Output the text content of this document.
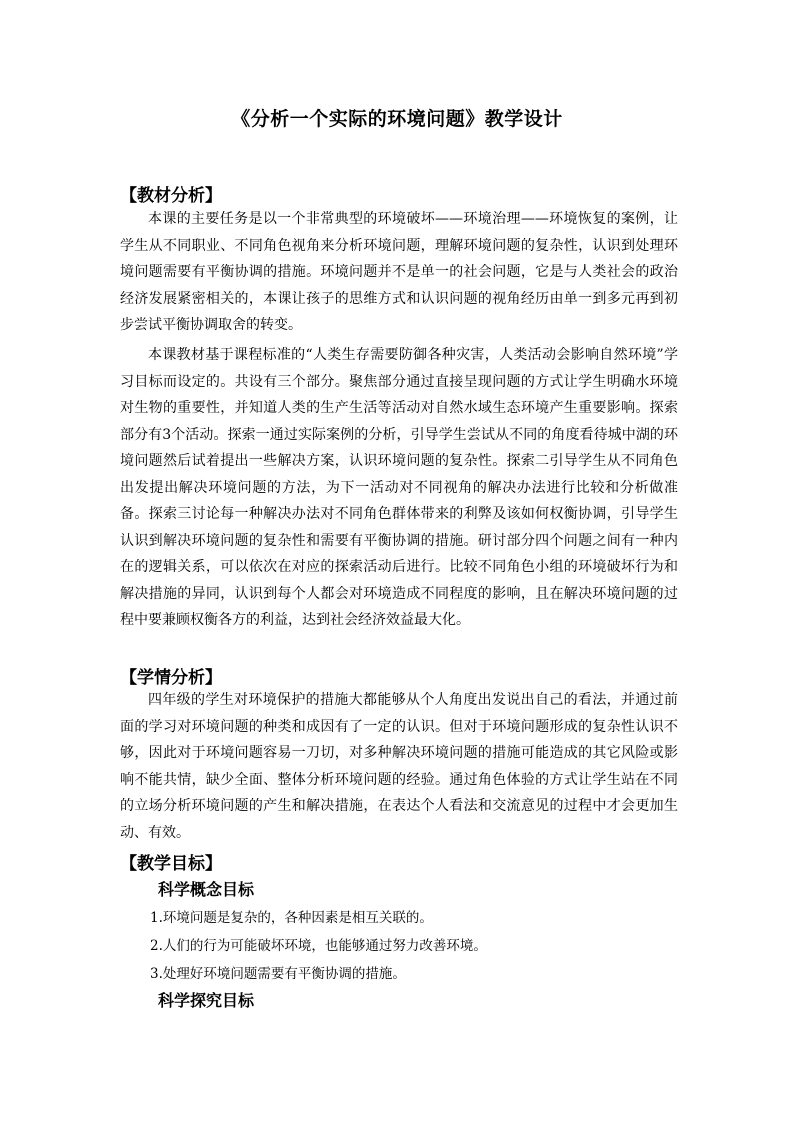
《分析一个实际的环境问题》教学设计
【教材分析】

本课的主要任务是以一个非常典型的环境破坏——环境治理——环境恢复的案例，让学生从不同职业、不同角色视角来分析环境问题，理解环境问题的复杂性，认识到处理环境问题需要有平衡协调的措施。环境问题并不是单一的社会问题，它是与人类社会的政治经济发展紧密相关的，本课让孩子的思维方式和认识问题的视角经历由单一到多元再到初步尝试平衡协调取舍的转变。

本课教材基于课程标准的“人类生存需要防御各种灾害，人类活动会影响自然环境”学习目标而设定的。共设有三个部分。聚焦部分通过直接呈现问题的方式让学生明确水环境对生物的重要性，并知道人类的生产生活等活动对自然水域生态环境产生重要影响。探索部分有3个活动。探索一通过实际案例的分析，引导学生尝试从不同的角度看待城中湖的环境问题然后试着提出一些解决方案，认识环境问题的复杂性。探索二引导学生从不同角色出发提出解决环境问题的方法，为下一活动对不同视角的解决办法进行比较和分析做准备。探索三讨论每一种解决办法对不同角色群体带来的利弊及该如何权衡协调，引导学生认识到解决环境问题的复杂性和需要有平衡协调的措施。研讨部分四个问题之间有一种内在的逻辑关系，可以依次在对应的探索活动后进行。比较不同角色小组的环境破坏行为和解决措施的异同，认识到每个人都会对环境造成不同程度的影响，且在解决环境问题的过程中要兼顾权衡各方的利益，达到社会经济效益最大化。

【学情分析】

四年级的学生对环境保护的措施大都能够从个人角度出发说出自己的看法，并通过前面的学习对环境问题的种类和成因有了一定的认识。但对于环境问题形成的复杂性认识不够，因此对于环境问题容易一刀切，对多种解决环境问题的措施可能造成的其它风险或影响不能共情，缺少全面、整体分析环境问题的经验。通过角色体验的方式让学生站在不同的立场分析环境问题的产生和解决措施，在表达个人看法和交流意见的过程中才会更加生动、有效。

【教学目标】
科学概念目标
1.环境问题是复杂的，各种因素是相互关联的。
2.人们的行为可能破坏环境，也能够通过努力改善环境。
3.处理好环境问题需要有平衡协调的措施。
科学探究目标
